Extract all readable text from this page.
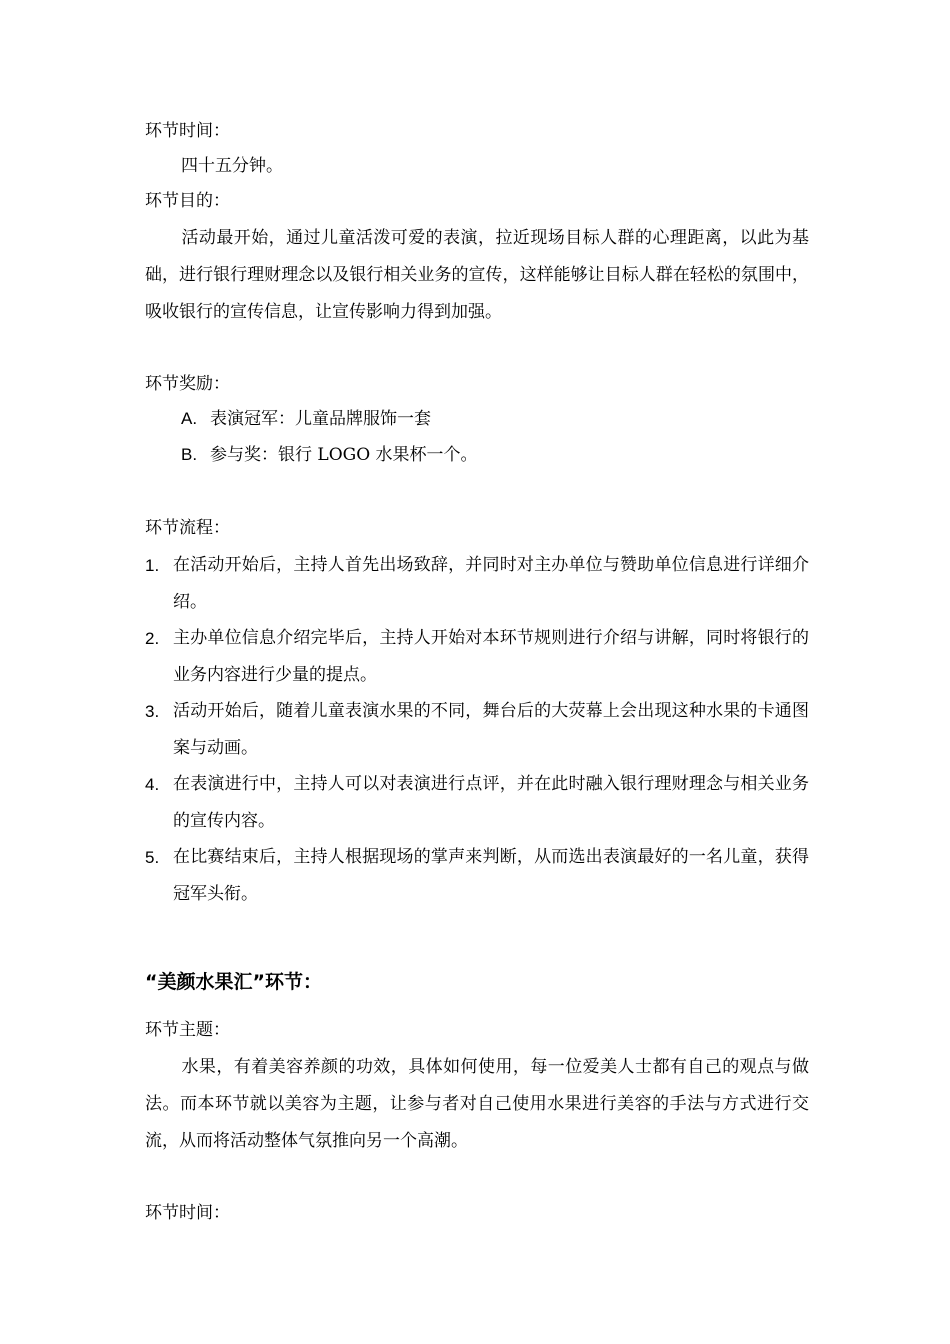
环节时间：
四十五分钟。
环节目的：
活动最开始，通过儿童活泼可爱的表演，拉近现场目标人群的心理距离，以此为基础，进行银行理财理念以及银行相关业务的宣传，这样能够让目标人群在轻松的氛围中，吸收银行的宣传信息，让宣传影响力得到加强。
环节奖励：
A. 表演冠军：儿童品牌服饰一套
B. 参与奖：银行 LOGO 水果杯一个。
环节流程：
1. 在活动开始后，主持人首先出场致辞，并同时对主办单位与赞助单位信息进行详细介绍。
2. 主办单位信息介绍完毕后，主持人开始对本环节规则进行介绍与讲解，同时将银行的业务内容进行少量的提点。
3. 活动开始后，随着儿童表演水果的不同，舞台后的大荧幕上会出现这种水果的卡通图案与动画。
4. 在表演进行中，主持人可以对表演进行点评，并在此时融入银行理财理念与相关业务的宣传内容。
5. 在比赛结束后，主持人根据现场的掌声来判断，从而选出表演最好的一名儿童，获得冠军头衔。
“美颜水果汇”环节：
环节主题：
水果，有着美容养颜的功效，具体如何使用，每一位爱美人士都有自己的观点与做法。而本环节就以美容为主题，让参与者对自己使用水果进行美容的手法与方式进行交流，从而将活动整体气氛推向另一个高潮。
环节时间：
